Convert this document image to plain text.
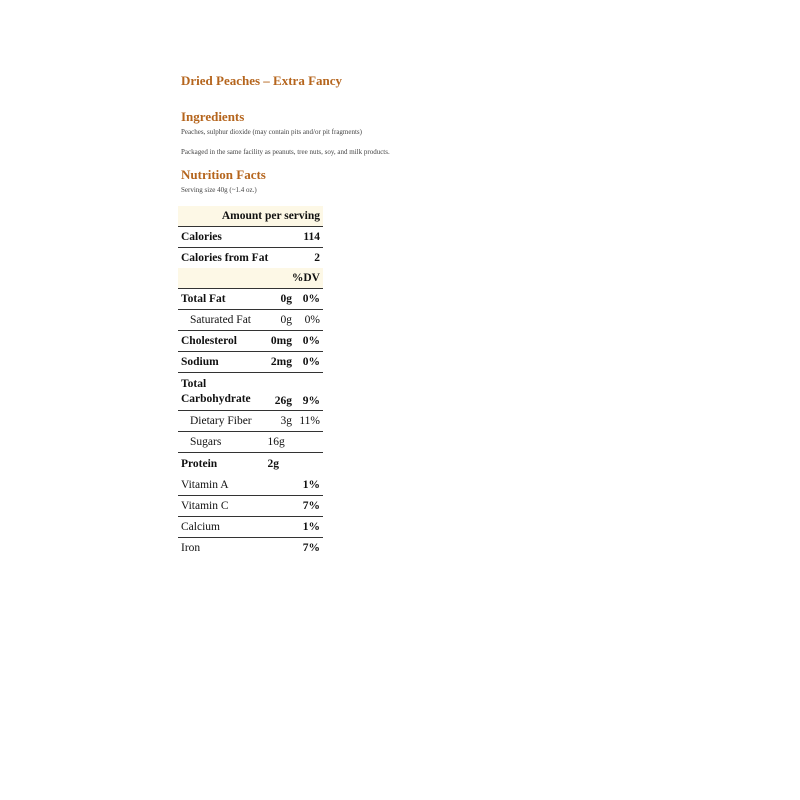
Dried Peaches – Extra Fancy
Ingredients
Peaches, sulphur dioxide (may contain pits and/or pit fragments)
Packaged in the same facility as peanuts, tree nuts, soy, and milk products.
Nutrition Facts
Serving size 40g (~1.4 oz.)
Amount per serving		
Calories		114
Calories from Fat		2
%DV		
Total Fat	0g	0%
Saturated Fat	0g	0%
Cholesterol	0mg	0%
Sodium	2mg	0%
Total
Carbohydrate	26g	9%
Dietary Fiber	3g	11%
Sugars	16g	
Protein	2g	
Vitamin A		1%
Vitamin C		7%
Calcium		1%
Iron		7%
